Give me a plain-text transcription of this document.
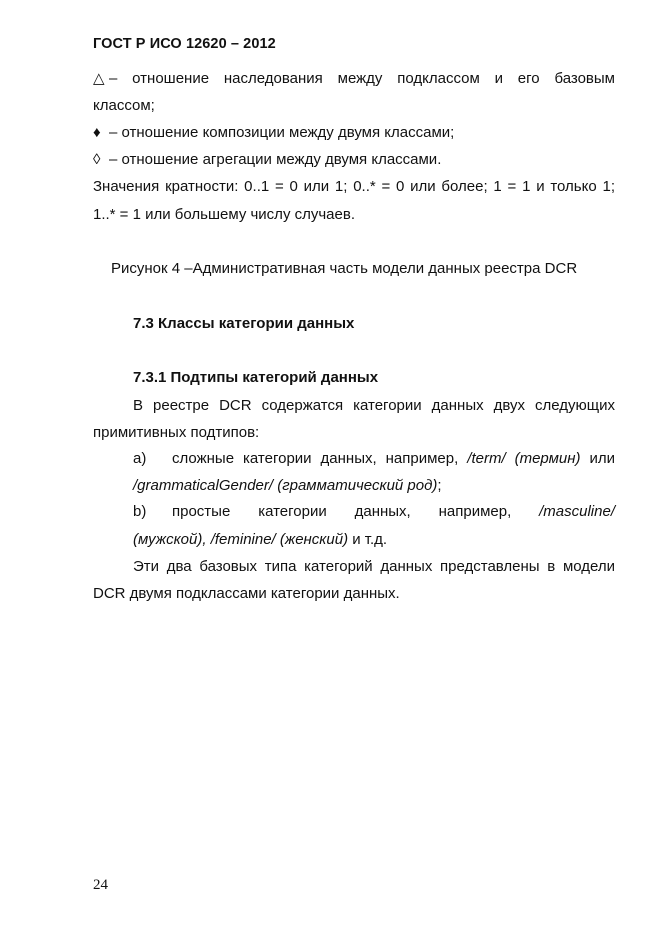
ГОСТ Р ИСО 12620 – 2012
△ – отношение наследования между подклассом и его базовым
классом;
♦ – отношение композиции между двумя классами;
◊ – отношение агрегации между двумя классами.
Значения кратности: 0..1 = 0 или 1; 0..* = 0 или более; 1 = 1 и только 1;
1..* = 1 или большему числу случаев.
Рисунок 4 –Административная часть модели данных реестра DCR
7.3 Классы категории данных
7.3.1 Подтипы категорий данных
В реестре DCR содержатся категории данных двух следующих
примитивных подтипов:
a) сложные категории данных, например, /term/ (термин) или
/grammaticalGender/ (грамматический род);
b) простые категории данных, например, /masculine/
(мужской), /feminine/ (женский) и т.д.
Эти два базовых типа категорий данных представлены в модели
DCR двумя подклассами категории данных.
24
